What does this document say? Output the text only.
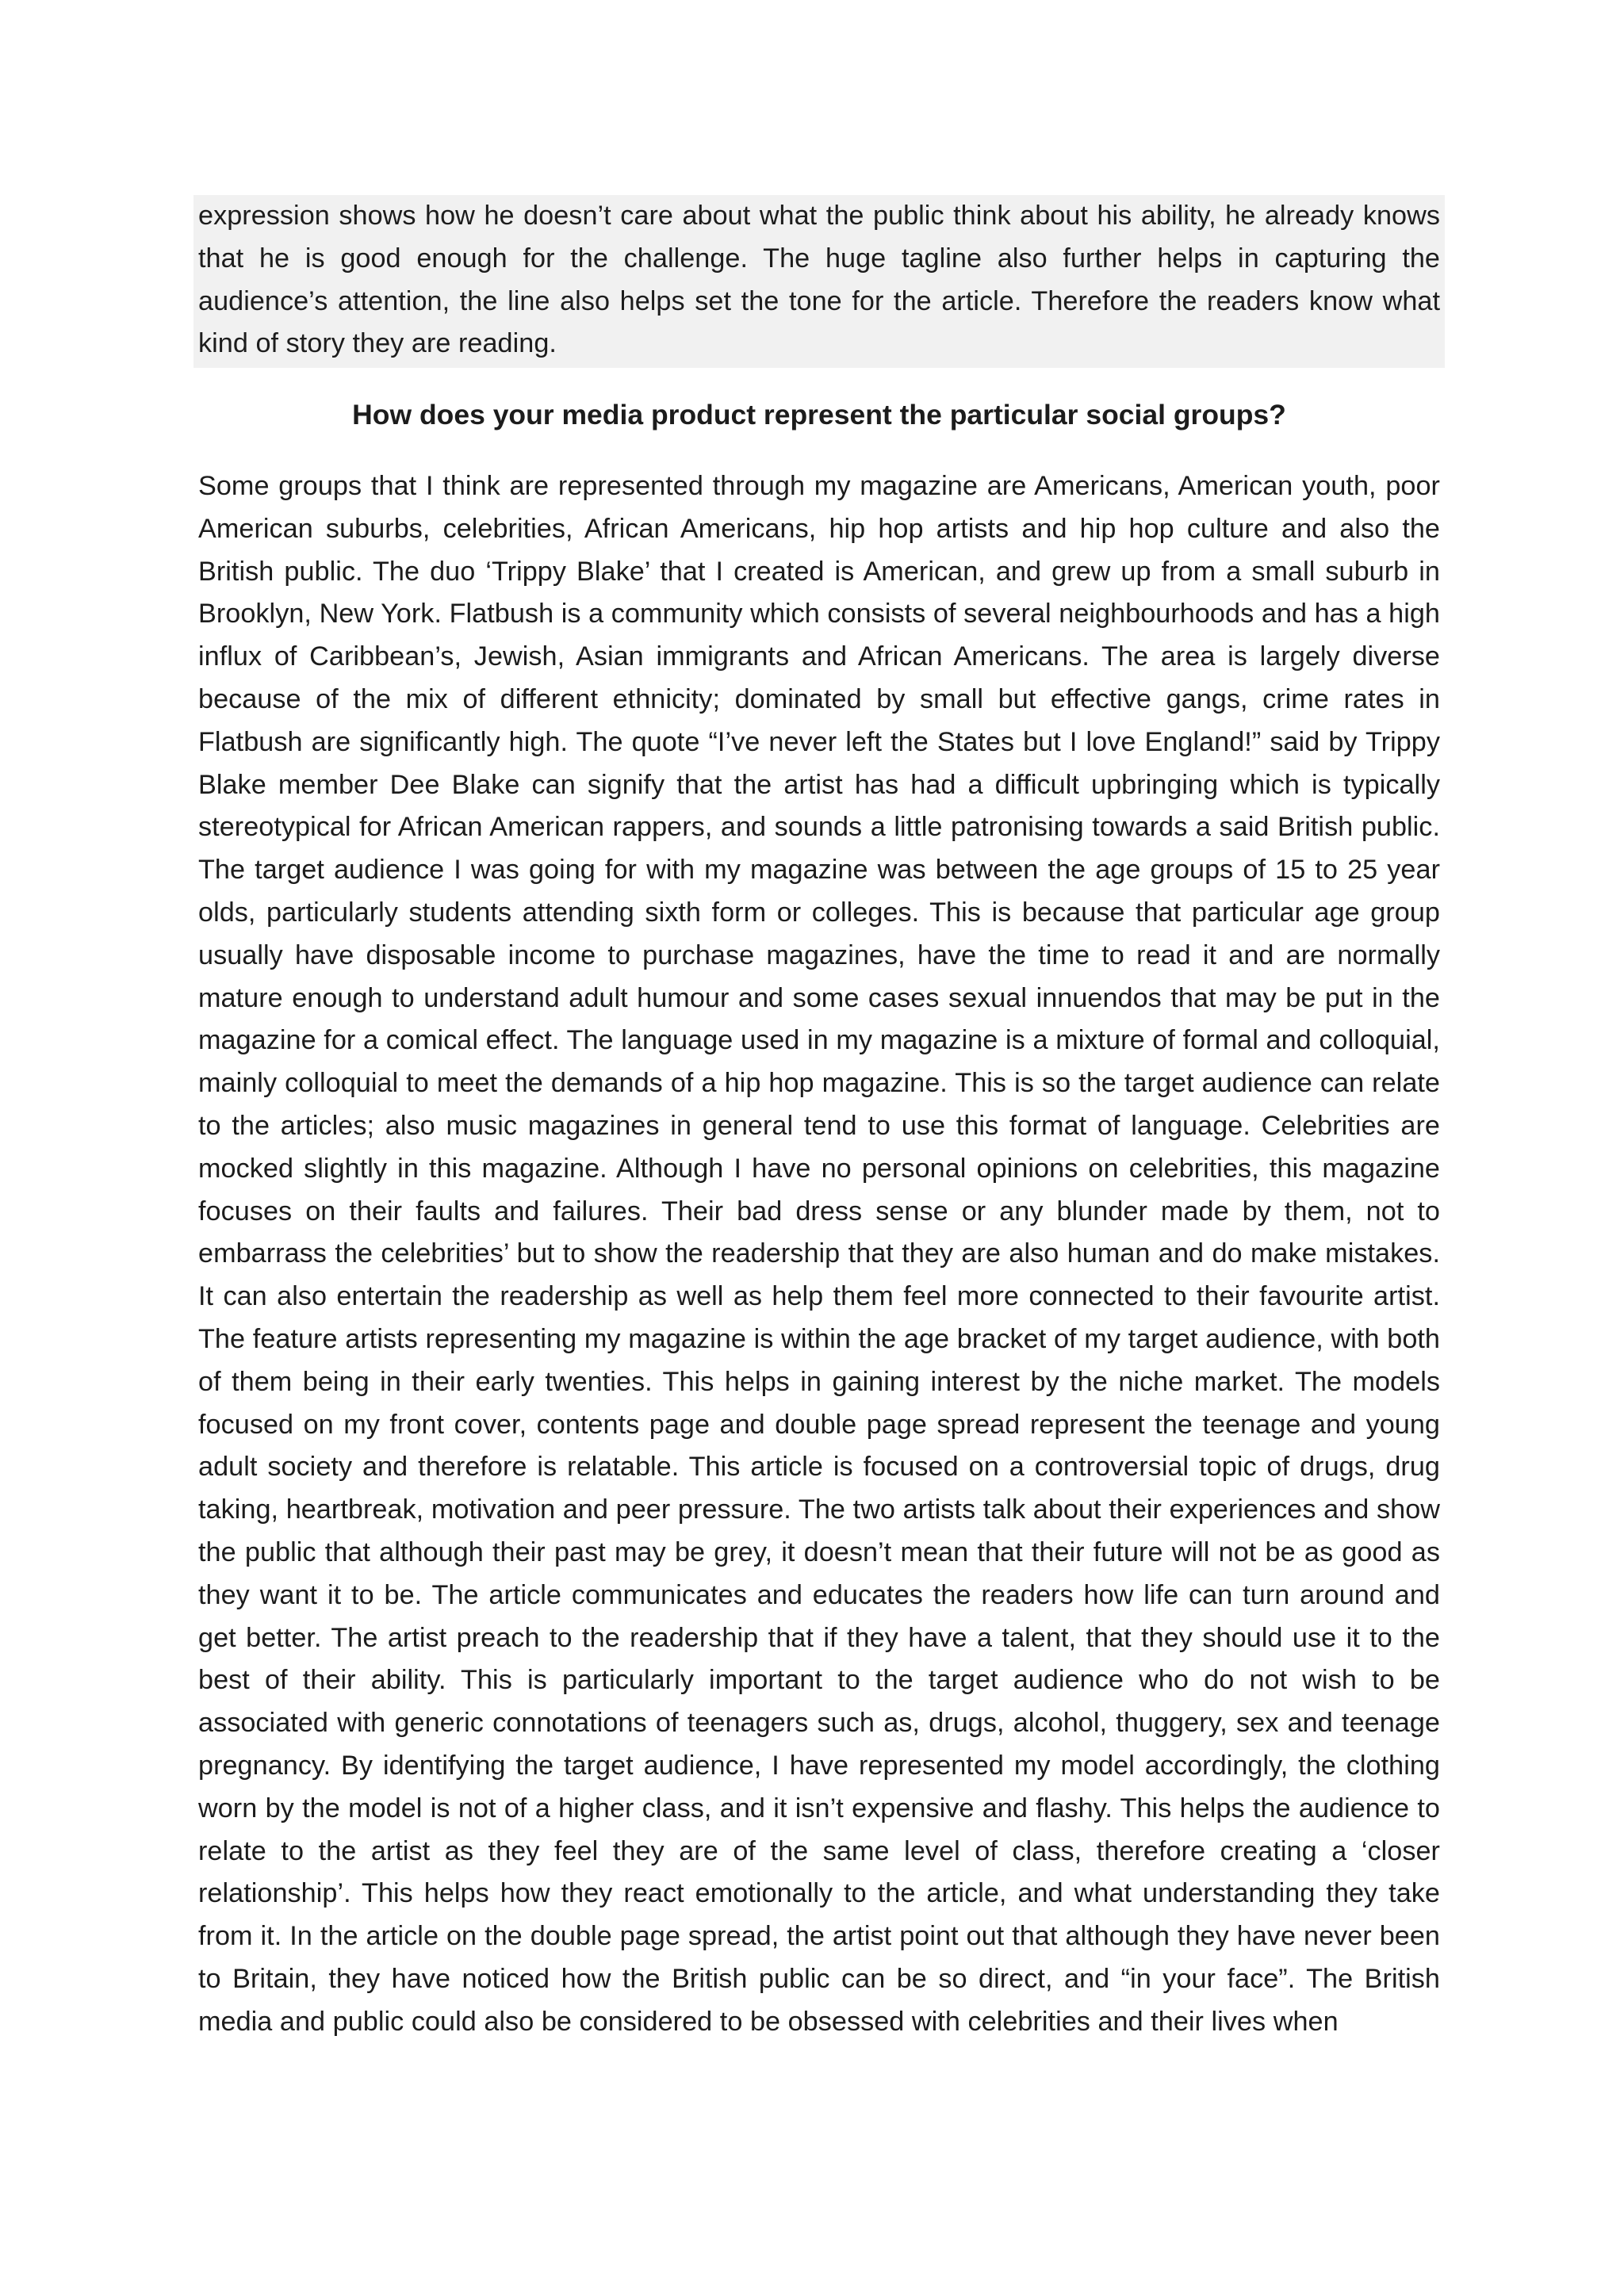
expression shows how he doesn’t care about what the public think about his ability, he already knows that he is good enough for the challenge. The huge tagline also further helps in capturing the audience’s attention, the line also helps set the tone for the article. Therefore the readers know what kind of story they are reading.

How does your media product represent the particular social groups?

Some groups that I think are represented through my magazine are Americans, American youth, poor American suburbs, celebrities, African Americans, hip hop artists and hip hop culture and also the British public. The duo ‘Trippy Blake’ that I created is American, and grew up from a small suburb in Brooklyn, New York. Flatbush is a community which consists of several neighbourhoods and has a high influx of Caribbean’s, Jewish, Asian immigrants and African Americans. The area is largely diverse because of the mix of different ethnicity; dominated by small but effective gangs, crime rates in Flatbush are significantly high. The quote “I’ve never left the States but I love England!” said by Trippy Blake member Dee Blake can signify that the artist has had a difficult upbringing which is typically stereotypical for African American rappers, and sounds a little patronising towards a said British public. The target audience I was going for with my magazine was between the age groups of 15 to 25 year olds, particularly students attending sixth form or colleges. This is because that particular age group usually have disposable income to purchase magazines, have the time to read it and are normally mature enough to understand adult humour and some cases sexual innuendos that may be put in the magazine for a comical effect. The language used in my magazine is a mixture of formal and colloquial, mainly colloquial to meet the demands of a hip hop magazine. This is so the target audience can relate to the articles; also music magazines in general tend to use this format of language. Celebrities are mocked slightly in this magazine. Although I have no personal opinions on celebrities, this magazine focuses on their faults and failures. Their bad dress sense or any blunder made by them, not to embarrass the celebrities’ but to show the readership that they are also human and do make mistakes. It can also entertain the readership as well as help them feel more connected to their favourite artist. The feature artists representing my magazine is within the age bracket of my target audience, with both of them being in their early twenties. This helps in gaining interest by the niche market. The models focused on my front cover, contents page and double page spread represent the teenage and young adult society and therefore is relatable. This article is focused on a controversial topic of drugs, drug taking, heartbreak, motivation and peer pressure. The two artists talk about their experiences and show the public that although their past may be grey, it doesn’t mean that their future will not be as good as they want it to be. The article communicates and educates the readers how life can turn around and get better. The artist preach to the readership that if they have a talent, that they should use it to the best of their ability. This is particularly important to the target audience who do not wish to be associated with generic connotations of teenagers such as, drugs, alcohol, thuggery, sex and teenage pregnancy. By identifying the target audience, I have represented my model accordingly, the clothing worn by the model is not of a higher class, and it isn’t expensive and flashy. This helps the audience to relate to the artist as they feel they are of the same level of class, therefore creating a ‘closer relationship’. This helps how they react emotionally to the article, and what understanding they take from it. In the article on the double page spread, the artist point out that although they have never been to Britain, they have noticed how the British public can be so direct, and “in your face”. The British media and public could also be considered to be obsessed with celebrities and their lives when
